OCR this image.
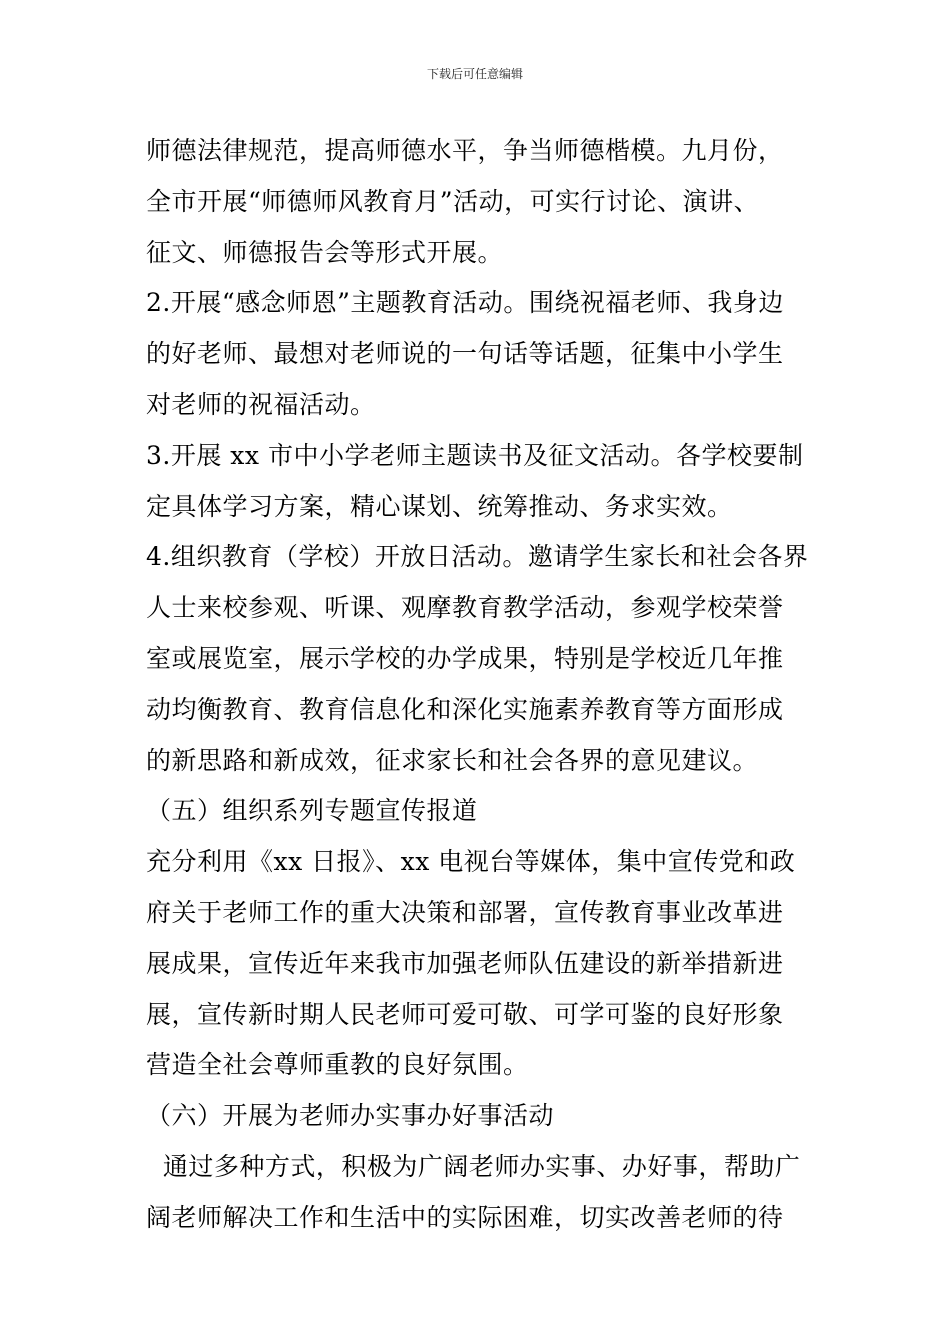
下载后可任意编辑
师德法律规范，提高师德水平，争当师德楷模。九月份，
全市开展“师德师风教育月”活动，可实行讨论、演讲、
征文、师德报告会等形式开展。
2.开展“感念师恩”主题教育活动。围绕祝福老师、我身边
的好老师、最想对老师说的一句话等话题，征集中小学生
对老师的祝福活动。
3.开展 xx 市中小学老师主题读书及征文活动。各学校要制
定具体学习方案，精心谋划、统筹推动、务求实效。
4.组织教育（学校）开放日活动。邀请学生家长和社会各界
人士来校参观、听课、观摩教育教学活动，参观学校荣誉
室或展览室，展示学校的办学成果，特别是学校近几年推
动均衡教育、教育信息化和深化实施素养教育等方面形成
的新思路和新成效，征求家长和社会各界的意见建议。
（五）组织系列专题宣传报道
充分利用《xx 日报》、xx 电视台等媒体，集中宣传党和政
府关于老师工作的重大决策和部署，宣传教育事业改革进
展成果，宣传近年来我市加强老师队伍建设的新举措新进
展，宣传新时期人民老师可爱可敬、可学可鉴的良好形象
营造全社会尊师重教的良好氛围。
（六）开展为老师办实事办好事活动
通过多种方式，积极为广阔老师办实事、办好事，帮助广
阔老师解决工作和生活中的实际困难，切实改善老师的待
